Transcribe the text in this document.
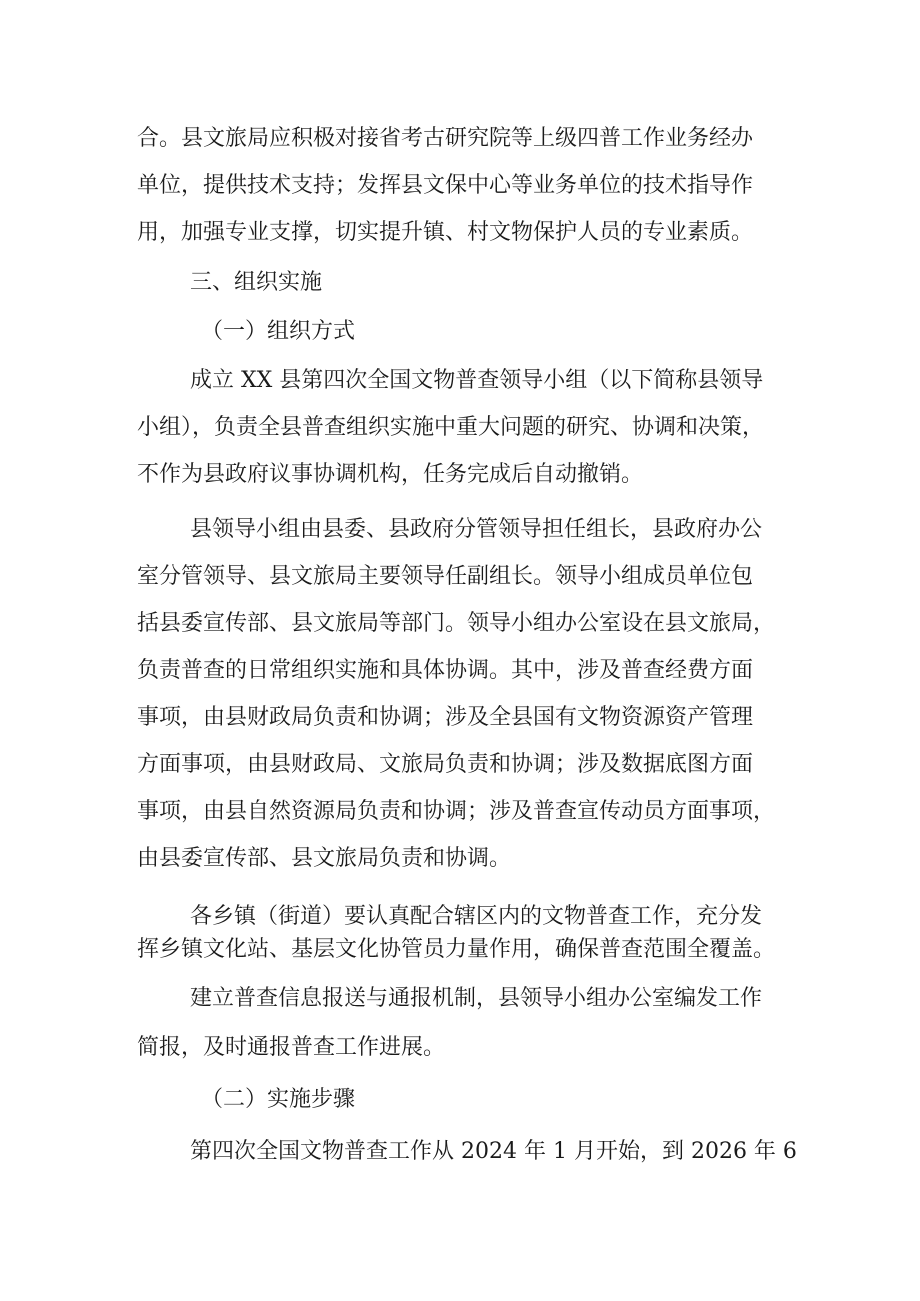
合。县文旅局应积极对接省考古研究院等上级四普工作业务经办
单位，提供技术支持；发挥县文保中心等业务单位的技术指导作
用，加强专业支撑，切实提升镇、村文物保护人员的专业素质。
三、组织实施
（一）组织方式
成立 XX 县第四次全国文物普查领导小组（以下简称县领导
小组），负责全县普查组织实施中重大问题的研究、协调和决策，
不作为县政府议事协调机构，任务完成后自动撤销。
县领导小组由县委、县政府分管领导担任组长，县政府办公
室分管领导、县文旅局主要领导任副组长。领导小组成员单位包
括县委宣传部、县文旅局等部门。领导小组办公室设在县文旅局，
负责普查的日常组织实施和具体协调。其中，涉及普查经费方面
事项，由县财政局负责和协调；涉及全县国有文物资源资产管理
方面事项，由县财政局、文旅局负责和协调；涉及数据底图方面
事项，由县自然资源局负责和协调；涉及普查宣传动员方面事项，
由县委宣传部、县文旅局负责和协调。
各乡镇（街道）要认真配合辖区内的文物普查工作，充分发
挥乡镇文化站、基层文化协管员力量作用，确保普查范围全覆盖。
建立普查信息报送与通报机制，县领导小组办公室编发工作
简报，及时通报普查工作进展。
（二）实施步骤
第四次全国文物普查工作从 2024 年 1 月开始，到 2026 年 6
